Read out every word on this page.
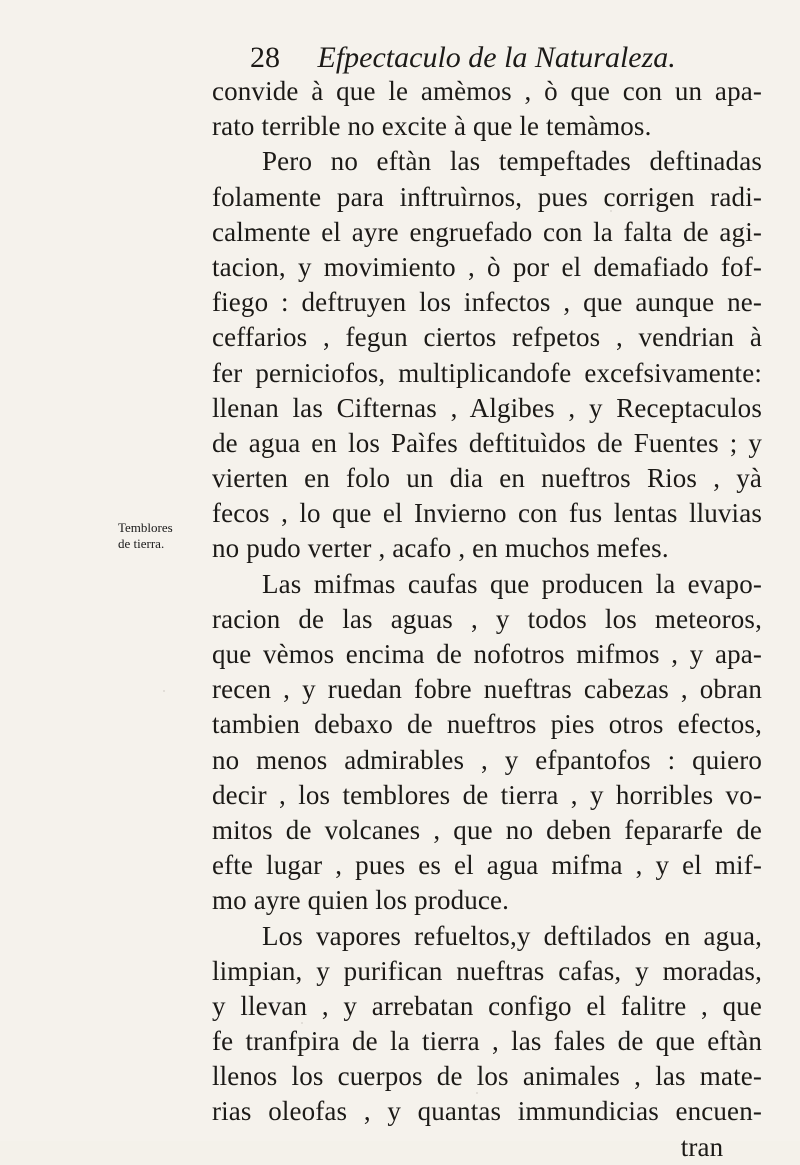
28 Efpectaculo de la Naturaleza.
Temblores
de tierra.
convide à que le amèmos , ò que con un apa-
rato terrible no excite à que le temàmos.
Pero no eftàn las tempeftades deftinadas
folamente para inftruìrnos, pues corrigen radi-
calmente el ayre engruefado con la falta de agi-
tacion, y movimiento , ò por el demafiado fof-
fiego : deftruyen los infectos , que aunque ne-
ceffarios , fegun ciertos refpetos , vendrian à
fer perniciofos, multiplicandofe excefsivamente:
llenan las Cifternas , Algibes , y Receptaculos
de agua en los Paìfes deftituìdos de Fuentes ; y
vierten en folo un dia en nueftros Rios , yà
fecos , lo que el Invierno con fus lentas lluvias
no pudo verter , acafo , en muchos mefes.
Las mifmas caufas que producen la evapo-
racion de las aguas , y todos los meteoros,
que vèmos encima de nofotros mifmos , y apa-
recen , y ruedan fobre nueftras cabezas , obran
tambien debaxo de nueftros pies otros efectos,
no menos admirables , y efpantofos : quiero
decir , los temblores de tierra , y horribles vo-
mitos de volcanes , que no deben fepararfe de
efte lugar , pues es el agua mifma , y el mif-
mo ayre quien los produce.
Los vapores refueltos,y deftilados en agua,
limpian, y purifican nueftras cafas, y moradas,
y llevan , y arrebatan configo el falitre , que
fe tranfpira de la tierra , las fales de que eftàn
llenos los cuerpos de los animales , las mate-
rias oleofas , y quantas immundicias encuen-
tran
